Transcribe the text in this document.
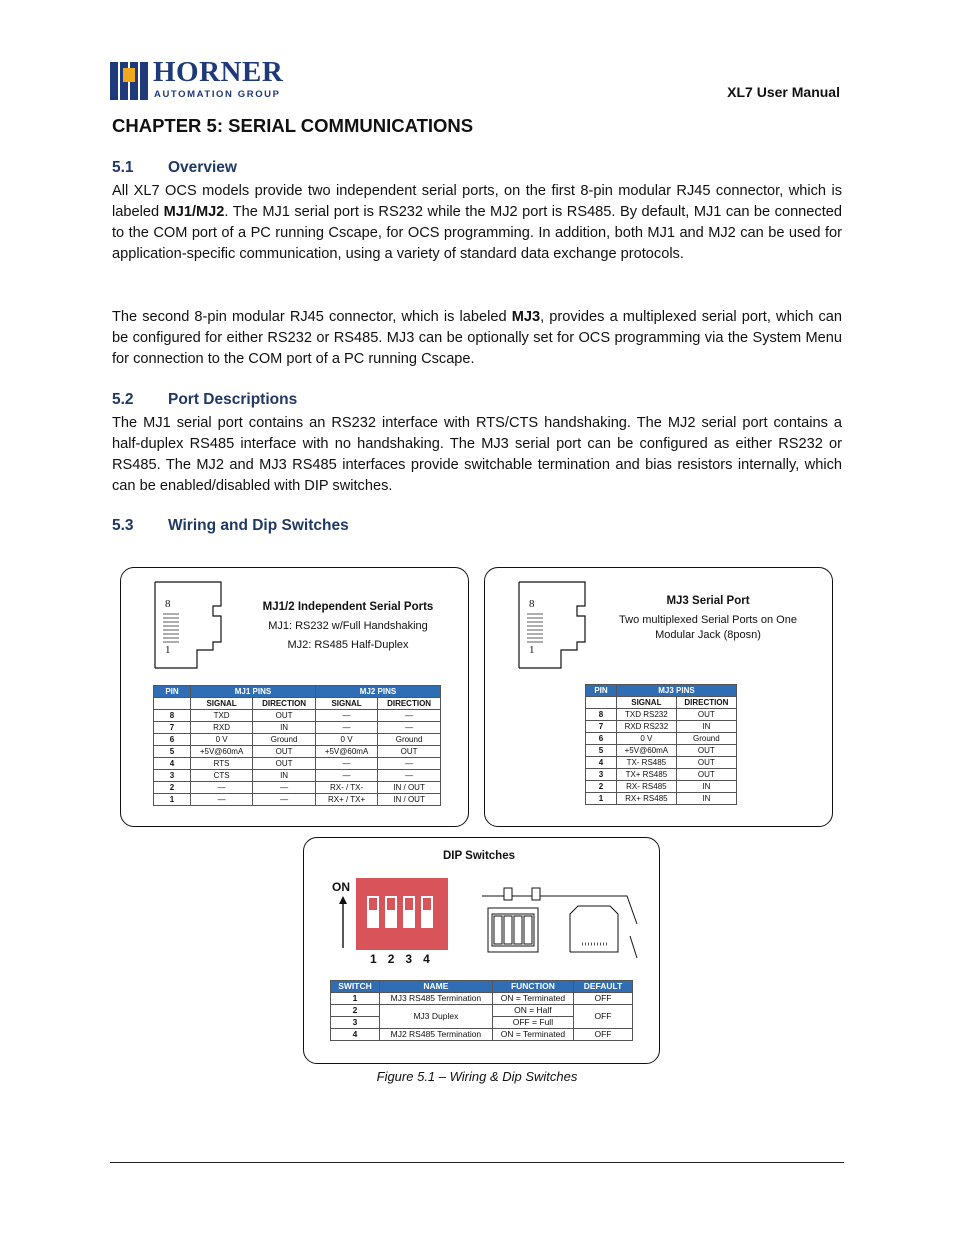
HORNER
AUTOMATION GROUP	XL7 User Manual
CHAPTER 5: SERIAL COMMUNICATIONS
5.1 Overview
All XL7 OCS models provide two independent serial ports, on the first 8-pin modular RJ45 connector, which is labeled MJ1/MJ2. The MJ1 serial port is RS232 while the MJ2 port is RS485. By default, MJ1 can be connected to the COM port of a PC running Cscape, for OCS programming. In addition, both MJ1 and MJ2 can be used for application-specific communication, using a variety of standard data exchange protocols.
The second 8-pin modular RJ45 connector, which is labeled MJ3, provides a multiplexed serial port, which can be configured for either RS232 or RS485. MJ3 can be optionally set for OCS programming via the System Menu for connection to the COM port of a PC running Cscape.
5.2 Port Descriptions
The MJ1 serial port contains an RS232 interface with RTS/CTS handshaking. The MJ2 serial port contains a half-duplex RS485 interface with no handshaking. The MJ3 serial port can be configured as either RS232 or RS485. The MJ2 and MJ3 RS485 interfaces provide switchable termination and bias resistors internally, which can be enabled/disabled with DIP switches.
5.3 Wiring and Dip Switches
8
1
MJ1/2 Independent Serial Ports
MJ1: RS232 w/Full Handshaking
MJ2: RS485 Half-Duplex
PIN	MJ1 PINS		MJ2 PINS	
	SIGNAL	DIRECTION	SIGNAL	DIRECTION
8	TXD	OUT	—	—
7	RXD	IN	—	—
6	0 V	Ground	0 V	Ground
5	+5V@60mA	OUT	+5V@60mA	OUT
4	RTS	OUT	—	—
3	CTS	IN	—	—
2	—	—	RX- / TX-	IN / OUT
1	—	—	RX+ / TX+	IN / OUT
8
1
MJ3 Serial Port
Two multiplexed Serial Ports on One
Modular Jack (8posn)
PIN	MJ3 PINS	
	SIGNAL	DIRECTION
8	TXD RS232	OUT
7	RXD RS232	IN
6	0 V	Ground
5	+5V@60mA	OUT
4	TX- RS485	OUT
3	TX+ RS485	OUT
2	RX- RS485	IN
1	RX+ RS485	IN
DIP Switches
ON
1 2 3 4
SWITCH	NAME	FUNCTION	DEFAULT
1	MJ3 RS485 Termination	ON = Terminated	OFF
2	MJ3 Duplex	ON = Half	OFF
3		OFF = Full	
4	MJ2 RS485 Termination	ON = Terminated	OFF
Figure 5.1 – Wiring & Dip Switches
